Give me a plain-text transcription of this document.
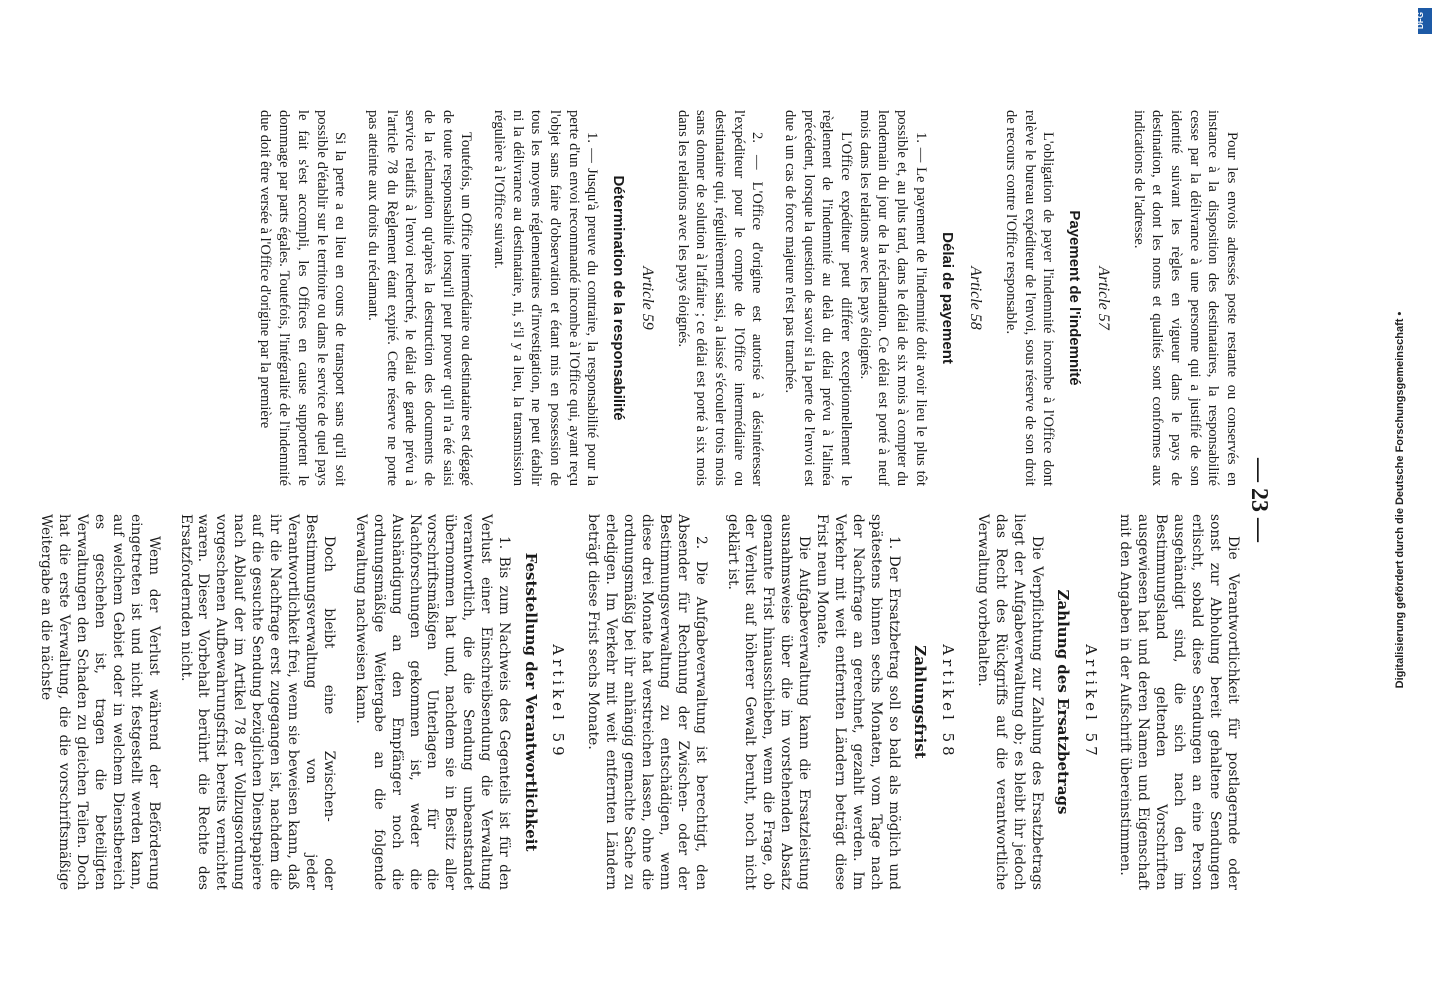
— 23 —

Pour les envois adressés poste restante ou conservés en instance à la disposition des destinataires, la responsabilité cesse par la délivrance à une personne qui a justifié de son identité suivant les règles en vigueur dans le pays de destination, et dont les noms et qualités sont conformes aux indications de l'adresse.

Article 57
Payement de l'indemnité

L'obligation de payer l'indemnité incombe à l'Office dont relève le bureau expéditeur de l'envoi, sous réserve de son droit de recours contre l'Office responsable.

Article 58
Délai de payement

1. — Le payement de l'indemnité doit avoir lieu le plus tôt possible et, au plus tard, dans le délai de six mois à compter du lendemain du jour de la réclamation. Ce délai est porté à neuf mois dans les relations avec les pays éloignés.

L'Office expéditeur peut différer exceptionnellement le règlement de l'indemnité au delà du délai prévu à l'alinéa précédent, lorsque la question de savoir si la perte de l'envoi est due à un cas de force majeure n'est pas tranchée.

2. — L'Office d'origine est autorisé à désintéresser l'expéditeur pour le compte de l'Office intermédiaire ou destinataire qui, régulièrement saisi, a laissé s'écouler trois mois sans donner de solution à l'affaire ; ce délai est porté à six mois dans les relations avec les pays éloignés.

Article 59
Détermination de la responsabilité

1. — Jusqu'à preuve du contraire, la responsabilité pour la perte d'un envoi recommandé incombe à l'Office qui, ayant reçu l'objet sans faire d'observation et étant mis en possession de tous les moyens réglementaires d'investigation, ne peut établir ni la délivrance au destinataire, ni, s'il y a lieu, la transmission régulière à l'Office suivant.

Toutefois, un Office intermédiaire ou destinataire est dégagé de toute responsabilité lorsqu'il peut prouver qu'il n'a été saisi de la réclamation qu'après la destruction des documents de service relatifs à l'envoi recherché, le délai de garde prévu à l'article 78 du Règlement étant expiré. Cette réserve ne porte pas atteinte aux droits du réclamant.

Si la perte a eu lieu en cours de transport sans qu'il soit possible d'établir sur le territoire ou dans le service de quel pays le fait s'est accompli, les Offices en cause supportent le dommage par parts égales. Toutefois, l'intégralité de l'indemnité due doit être versée à l'Office d'origine par la première

Die Verantwortlichkeit für postlagernde oder sonst zur Abholung bereit gehaltene Sendungen erlischt, sobald diese Sendungen an eine Person ausgehändigt sind, die sich nach den im Bestimmungsland geltenden Vorschriften ausgewiesen hat und deren Namen und Eigenschaft mit den Angaben in der Aufschrift übereinstimmen.

Artikel 57
Zahlung des Ersatzbetrags

Die Verpflichtung zur Zahlung des Ersatzbetrags liegt der Aufgabeverwaltung ob; es bleibt ihr jedoch das Recht des Rückgriffs auf die verantwortliche Verwaltung vorbehalten.

Artikel 58
Zahlungsfrist

1. Der Ersatzbetrag soll so bald als möglich und spätestens binnen sechs Monaten, vom Tage nach der Nachfrage an gerechnet, gezahlt werden. Im Verkehr mit weit entfernten Ländern beträgt diese Frist neun Monate.

Die Aufgabeverwaltung kann die Ersatzleistung ausnahmsweise über die im vorstehenden Absatz genannte Frist hinausschieben, wenn die Frage, ob der Verlust auf höherer Gewalt beruht, noch nicht geklärt ist.

2. Die Aufgabeverwaltung ist berechtigt, den Absender für Rechnung der Zwischen- oder der Bestimmungsverwaltung zu entschädigen, wenn diese drei Monate hat verstreichen lassen, ohne die ordnungsmäßig bei ihr anhängig gemachte Sache zu erledigen. Im Verkehr mit weit entfernten Ländern beträgt diese Frist sechs Monate.

Artikel 59
Feststellung der Verantwortlichkeit

1. Bis zum Nachweis des Gegenteils ist für den Verlust einer Einschreibsendung die Verwaltung verantwortlich, die die Sendung unbeanstandet übernommen hat und, nachdem sie in Besitz aller vorschriftsmäßigen Unterlagen für die Nachforschungen gekommen ist, weder die Aushändigung an den Empfänger noch die ordnungsmäßige Weitergabe an die folgende Verwaltung nachweisen kann.

Doch bleibt eine Zwischen- oder Bestimmungsverwaltung von jeder Verantwortlichkeit frei, wenn sie beweisen kann, daß ihr die Nachfrage erst zugegangen ist, nachdem die auf die gesuchte Sendung bezüglichen Dienstpapiere nach Ablauf der im Artikel 78 der Vollzugsordnung vorgeschenen Aufbewahrungsfrist bereits vernichtet waren. Dieser Vorbehalt berührt die Rechte des Ersatzfordernden nicht.

Wenn der Verlust während der Beförderung eingetreten ist und nicht festgestellt werden kann, auf welchem Gebiet oder in welchem Dienstbereich es geschehen ist, tragen die beteiligten Verwaltungen den Schaden zu gleichen Teilen. Doch hat die erste Verwaltung, die die vorschriftsmäßige Weitergabe an die nächste	Digitalisierung gefördert durch die Deutsche Forschungsgemeinschaft •
DFG
